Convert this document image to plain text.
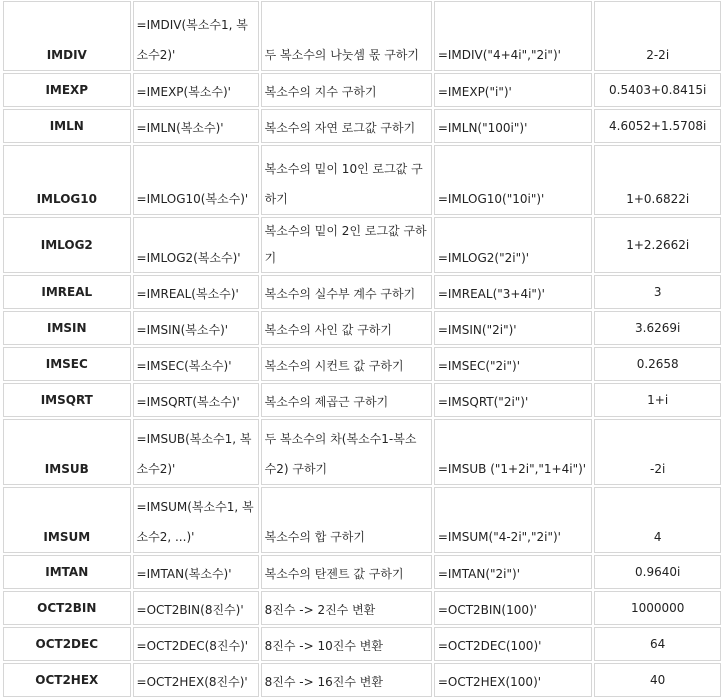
IMDIV	=IMDIV(복소수1, 복소수2)'	두 복소수의 나눗셈 몫 구하기	=IMDIV("4+4i","2i")'	2-2i
IMEXP	=IMEXP(복소수)'	복소수의 지수 구하기	=IMEXP("i")'	0.5403+0.8415i
IMLN	=IMLN(복소수)'	복소수의 자연 로그값 구하기	=IMLN("100i")'	4.6052+1.5708i
IMLOG10	=IMLOG10(복소수)'	복소수의 밑이 10인 로그값 구하기	=IMLOG10("10i")'	1+0.6822i
IMLOG2	=IMLOG2(복소수)'	복소수의 밑이 2인 로그값 구하기	=IMLOG2("2i")'	1+2.2662i
IMREAL	=IMREAL(복소수)'	복소수의 실수부 계수 구하기	=IMREAL("3+4i")'	3
IMSIN	=IMSIN(복소수)'	복소수의 사인 값 구하기	=IMSIN("2i")'	3.6269i
IMSEC	=IMSEC(복소수)'	복소수의 시컨트 값 구하기	=IMSEC("2i")'	0.2658
IMSQRT	=IMSQRT(복소수)'	복소수의 제곱근 구하기	=IMSQRT("2i")'	1+i
IMSUB	=IMSUB(복소수1, 복소수2)'	두 복소수의 차(복소수1-복소수2) 구하기	=IMSUB ("1+2i","1+4i")'	-2i
IMSUM	=IMSUM(복소수1, 복소수2, ...)'	복소수의 합 구하기	=IMSUM("4-2i","2i")'	4
IMTAN	=IMTAN(복소수)'	복소수의 탄젠트 값 구하기	=IMTAN("2i")'	0.9640i
OCT2BIN	=OCT2BIN(8진수)'	8진수 -> 2진수 변환	=OCT2BIN(100)'	1000000
OCT2DEC	=OCT2DEC(8진수)'	8진수 -> 10진수 변환	=OCT2DEC(100)'	64
OCT2HEX	=OCT2HEX(8진수)'	8진수 -> 16진수 변환	=OCT2HEX(100)'	40
